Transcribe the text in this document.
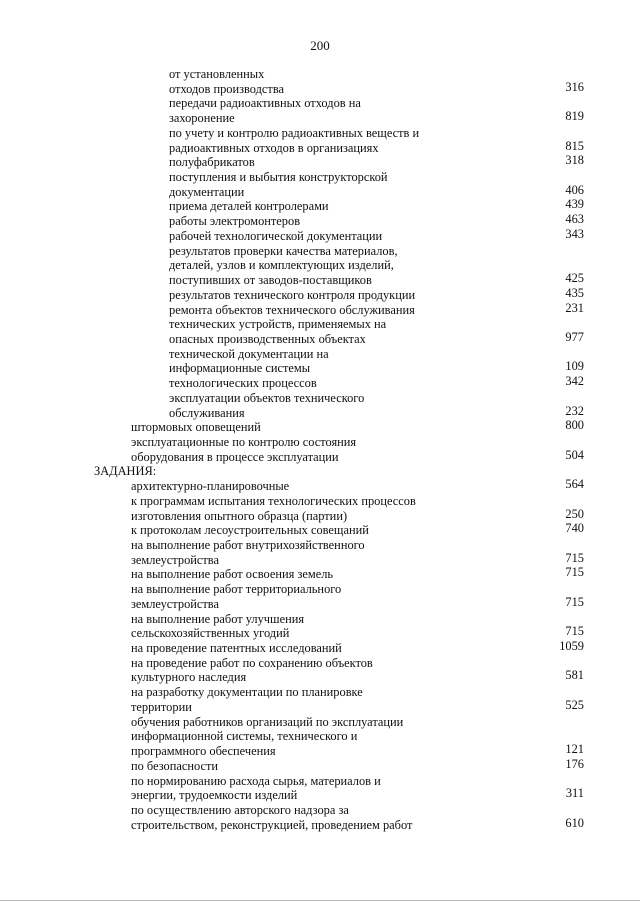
200
от установленных
отходов производства	316
передачи радиоактивных отходов на
захоронение	819
по учету и контролю радиоактивных веществ и
радиоактивных отходов в организациях	815
полуфабрикатов	318
поступления и выбытия конструкторской
документации	406
приема деталей контролерами	439
работы электромонтеров	463
рабочей технологической документации	343
результатов проверки качества материалов,
деталей, узлов и комплектующих изделий,
поступивших от заводов-поставщиков	425
результатов технического контроля продукции	435
ремонта объектов технического обслуживания	231
технических устройств, применяемых на
опасных производственных объектах	977
технической документации на
информационные системы	109
технологических процессов	342
эксплуатации объектов технического
обслуживания	232
штормовых оповещений	800
эксплуатационные по контролю состояния
оборудования в процессе эксплуатации	504
ЗАДАНИЯ:
архитектурно-планировочные	564
к программам испытания технологических процессов
изготовления опытного образца (партии)	250
к протоколам лесоустроительных совещаний	740
на выполнение работ внутрихозяйственного
землеустройства	715
на выполнение работ освоения земель	715
на выполнение работ территориального
землеустройства	715
на выполнение работ улучшения
сельскохозяйственных угодий	715
на проведение патентных исследований	1059
на проведение работ по сохранению объектов
культурного наследия	581
на разработку документации по планировке
территории	525
обучения работников организаций по эксплуатации
информационной системы, технического и
программного обеспечения	121
по безопасности	176
по нормированию расхода сырья, материалов и
энергии, трудоемкости изделий	311
по осуществлению авторского надзора за
строительством, реконструкцией, проведением работ	610
